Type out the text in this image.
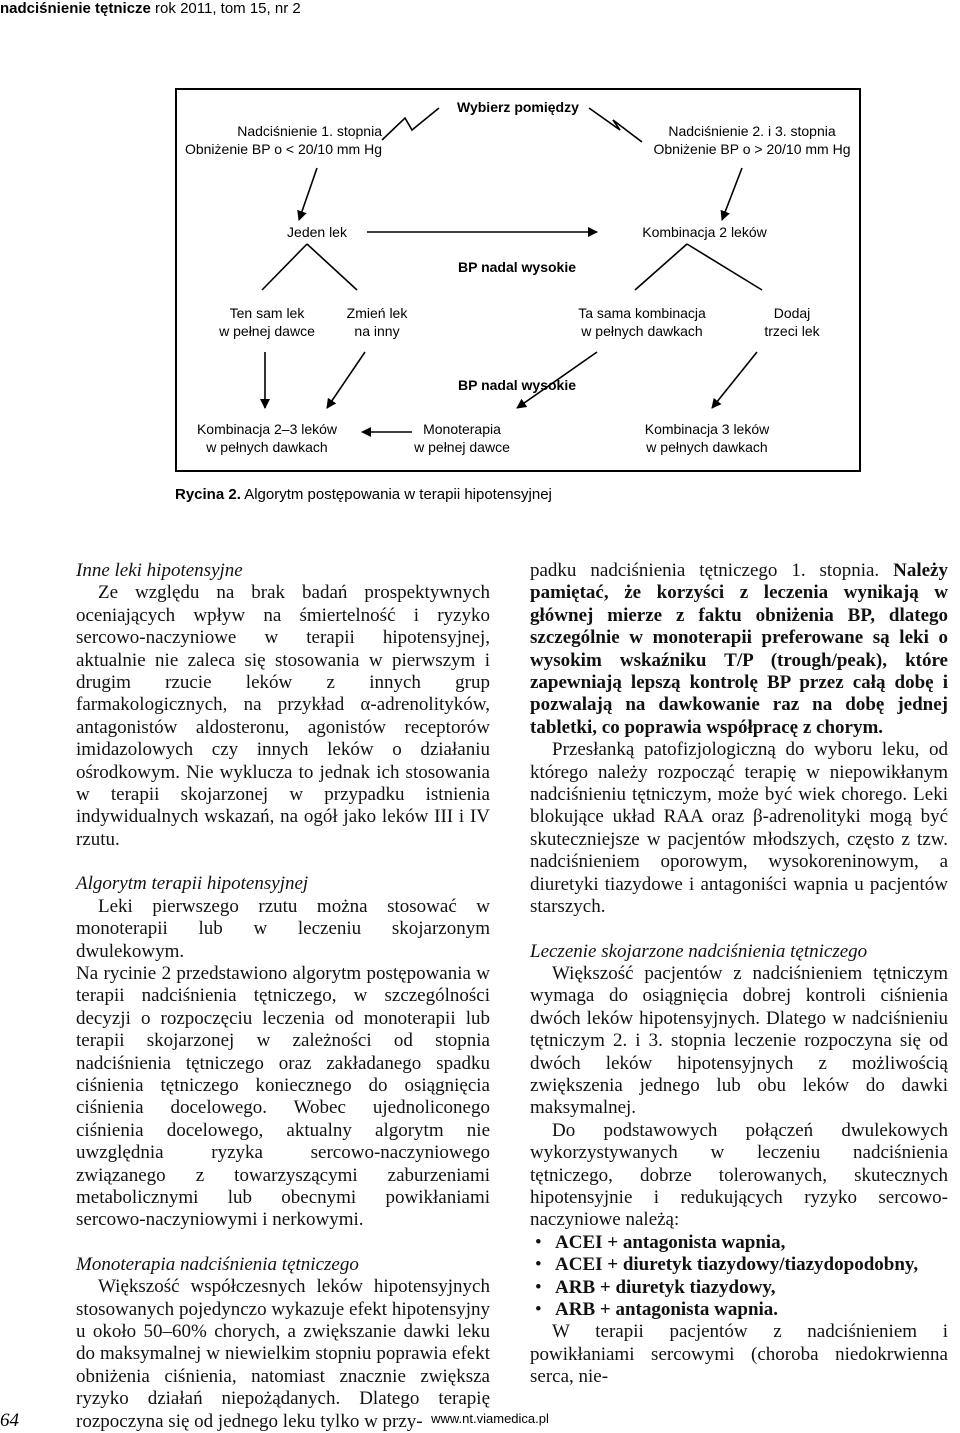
nadciśnienie tętnicze rok 2011, tom 15, nr 2
Wybierz pomiędzy
Nadciśnienie 1. stopnia
Obniżenie BP o < 20/10 mm Hg
Nadciśnienie 2. i 3. stopnia
Obniżenie BP o > 20/10 mm Hg
Jeden lek	Kombinacja 2 leków
BP nadal wysokie
Ten sam lek
w pełnej dawce
Zmień lek
na inny
Ta sama kombinacja
w pełnych dawkach
Dodaj
trzeci lek
BP nadal wysokie
Kombinacja 2–3 leków
w pełnych dawkach
Monoterapia
w pełnej dawce
Kombinacja 3 leków
w pełnych dawkach
Rycina 2. Algorytm postępowania w terapii hipotensyjnej
Inne leki hipotensyjne

Ze względu na brak badań prospektywnych oceniających wpływ na śmiertelność i ryzyko sercowo-naczyniowe w terapii hipotensyjnej, aktualnie nie zaleca się stosowania w pierwszym i drugim rzucie leków z innych grup farmakologicznych, na przykład α-adrenolityków, antagonistów aldosteronu, agonistów receptorów imidazolowych czy innych leków o działaniu ośrodkowym. Nie wyklucza to jednak ich stosowania w terapii skojarzonej w przypadku istnienia indywidualnych wskazań, na ogół jako leków III i IV rzutu.

Algorytm terapii hipotensyjnej

Leki pierwszego rzutu można stosować w monoterapii lub w leczeniu skojarzonym dwulekowym.

Na rycinie 2 przedstawiono algorytm postępowania w terapii nadciśnienia tętniczego, w szczególności decyzji o rozpoczęciu leczenia od monoterapii lub terapii skojarzonej w zależności od stopnia nadciśnienia tętniczego oraz zakładanego spadku ciśnienia tętniczego koniecznego do osiągnięcia ciśnienia docelowego. Wobec ujednoliconego ciśnienia docelowego, aktualny algorytm nie uwzględnia ryzyka sercowo-naczyniowego związanego z towarzyszącymi zaburzeniami metabolicznymi lub obecnymi powikłaniami sercowo-naczyniowymi i nerkowymi.

Monoterapia nadciśnienia tętniczego

Większość współczesnych leków hipotensyjnych stosowanych pojedynczo wykazuje efekt hipotensyjny u około 50–60% chorych, a zwiększanie dawki leku do maksymalnej w niewielkim stopniu poprawia efekt obniżenia ciśnienia, natomiast znacznie zwiększa ryzyko działań niepożądanych. Dlatego terapię rozpoczyna się od jednego leku tylko w przy-

padku nadciśnienia tętniczego 1. stopnia. Należy pamiętać, że korzyści z leczenia wynikają w głównej mierze z faktu obniżenia BP, dlatego szczególnie w monoterapii preferowane są leki o wysokim wskaźniku T/P (trough/peak), które zapewniają lepszą kontrolę BP przez całą dobę i pozwalają na dawkowanie raz na dobę jednej tabletki, co poprawia współpracę z chorym.

Przesłanką patofizjologiczną do wyboru leku, od którego należy rozpocząć terapię w niepowikłanym nadciśnieniu tętniczym, może być wiek chorego. Leki blokujące układ RAA oraz β-adrenolityki mogą być skuteczniejsze w pacjentów młodszych, często z tzw. nadciśnieniem oporowym, wysokoreninowym, a diuretyki tiazydowe i antagoniści wapnia u pacjentów starszych.

Leczenie skojarzone nadciśnienia tętniczego

Większość pacjentów z nadciśnieniem tętniczym wymaga do osiągnięcia dobrej kontroli ciśnienia dwóch leków hipotensyjnych. Dlatego w nadciśnieniu tętniczym 2. i 3. stopnia leczenie rozpoczyna się od dwóch leków hipotensyjnych z możliwością zwiększenia jednego lub obu leków do dawki maksymalnej.

Do podstawowych połączeń dwulekowych wykorzystywanych w leczeniu nadciśnienia tętniczego, dobrze tolerowanych, skutecznych hipotensyjnie i redukujących ryzyko sercowo-naczyniowe należą:

• ACEI + antagonista wapnia,
• ACEI + diuretyk tiazydowy/tiazydopodobny,
• ARB + diuretyk tiazydowy,
• ARB + antagonista wapnia.

W terapii pacjentów z nadciśnieniem i powikłaniami sercowymi (choroba niedokrwienna serca, nie-

64	www.nt.viamedica.pl
